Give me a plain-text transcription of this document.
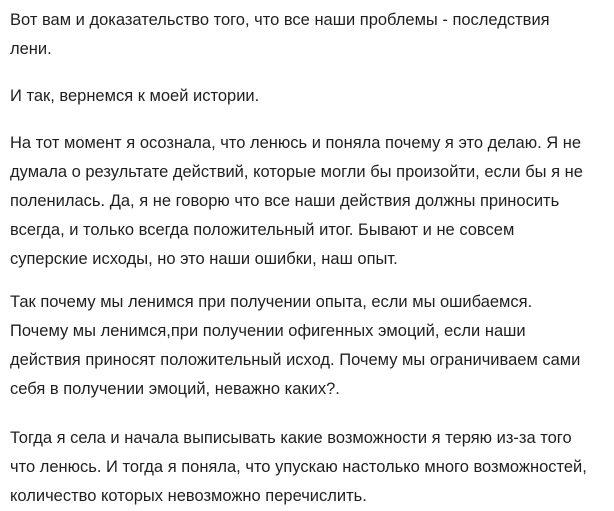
Вот вам и доказательство того, что все наши проблемы - последствия
лени.

И так, вернемся к моей истории.

На тот момент я осознала, что ленюсь и поняла почему я это делаю. Я не
думала о результате действий, которые могли бы произойти, если бы я не
поленилась. Да, я не говорю что все наши действия должны приносить
всегда, и только всегда положительный итог. Бывают и не совсем
суперские исходы, но это наши ошибки, наш опыт.

Так почему мы ленимся при получении опыта, если мы ошибаемся.
Почему мы ленимся,при получении офигенных эмоций, если наши
действия приносят положительный исход. Почему мы ограничиваем сами
себя в получении эмоций, неважно каких?.

Тогда я села и начала выписывать какие возможности я теряю из-за того
что ленюсь. И тогда я поняла, что упускаю настолько много возможностей,
количество которых невозможно перечислить.
